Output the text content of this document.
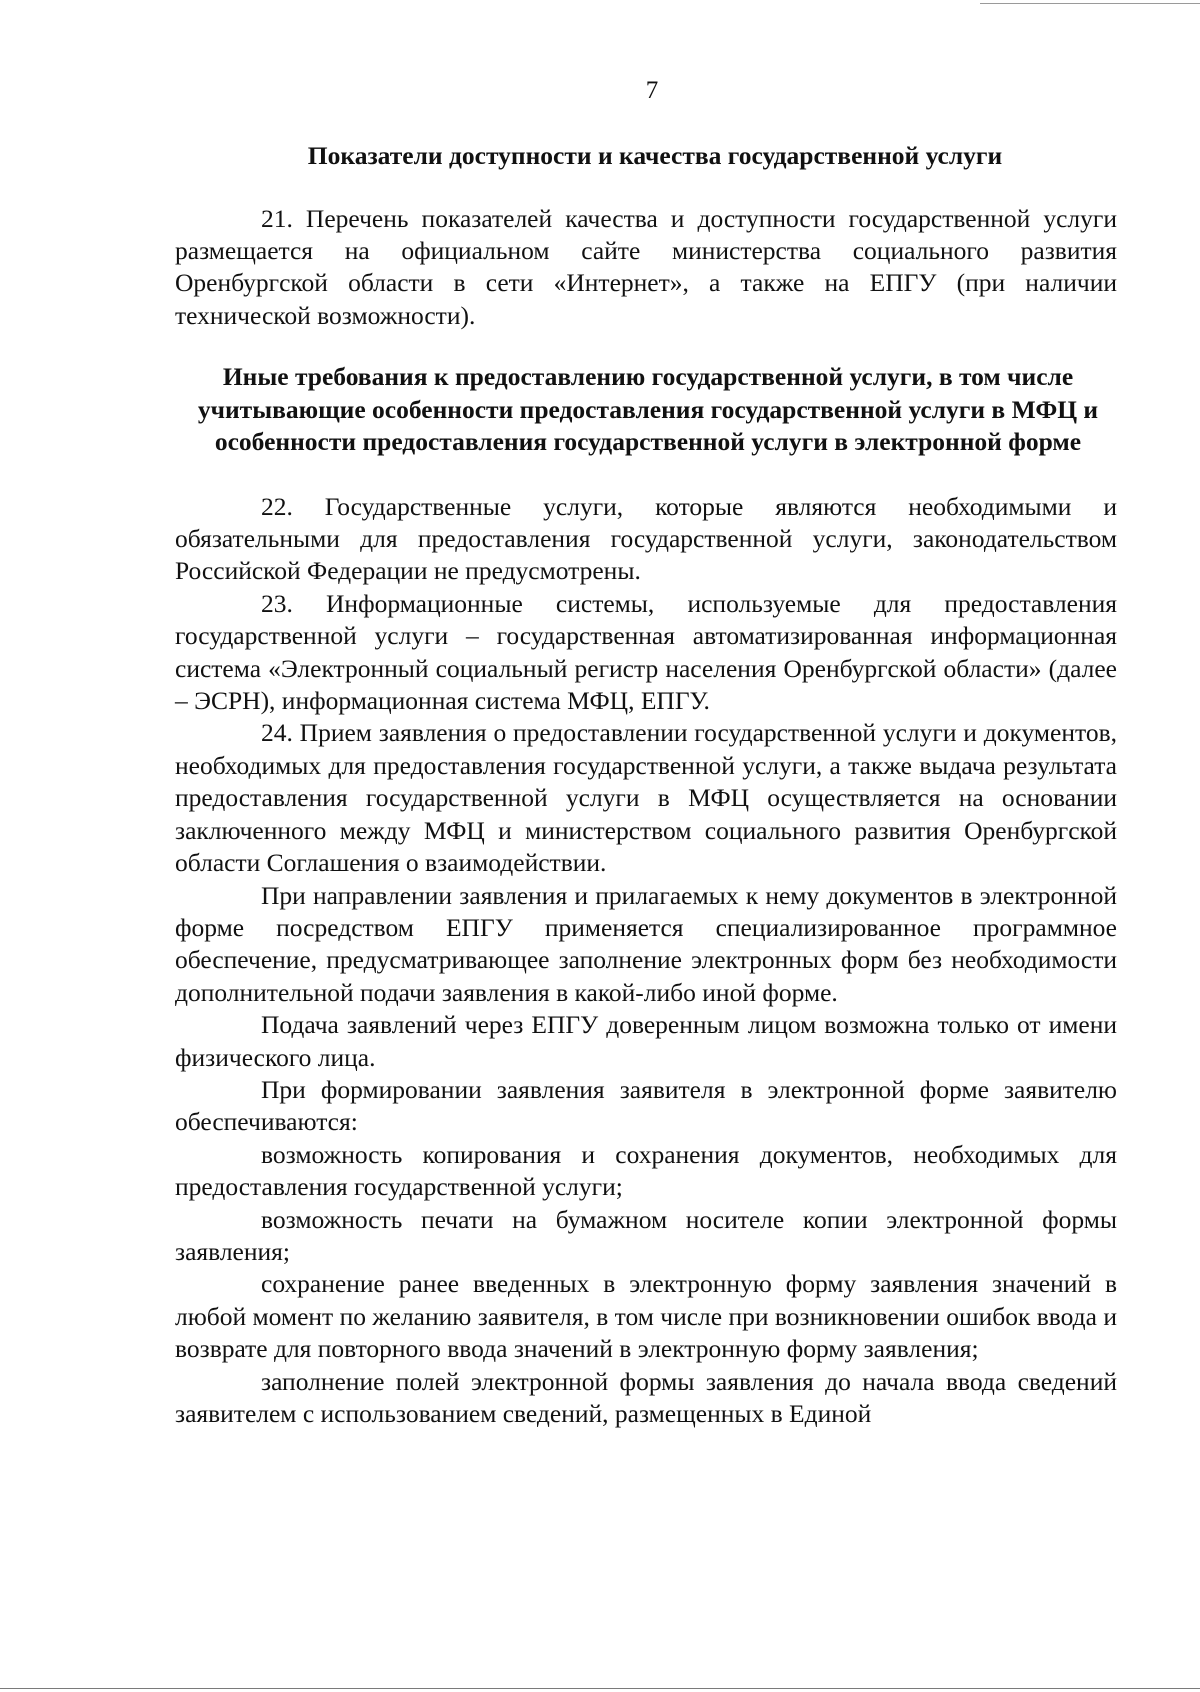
7
Показатели доступности и качества государственной услуги

21. Перечень показателей качества и доступности государственной услуги размещается на официальном сайте министерства социального развития Оренбургской области в сети «Интернет», а также на ЕПГУ (при наличии технической возможности).

Иные требования к предоставлению государственной услуги, в том числе учитывающие особенности предоставления государственной услуги в МФЦ и особенности предоставления государственной услуги в электронной форме

22. Государственные услуги, которые являются необходимыми и обязательными для предоставления государственной услуги, законодательством Российской Федерации не предусмотрены.

23. Информационные системы, используемые для предоставления государственной услуги – государственная автоматизированная информационная система «Электронный социальный регистр населения Оренбургской области» (далее – ЭСРН), информационная система МФЦ, ЕПГУ.

24. Прием заявления о предоставлении государственной услуги и документов, необходимых для предоставления государственной услуги, а также выдача результата предоставления государственной услуги в МФЦ осуществляется на основании заключенного между МФЦ и министерством социального развития Оренбургской области Соглашения о взаимодействии.

При направлении заявления и прилагаемых к нему документов в электронной форме посредством ЕПГУ применяется специализированное программное обеспечение, предусматривающее заполнение электронных форм без необходимости дополнительной подачи заявления в какой-либо иной форме.

Подача заявлений через ЕПГУ доверенным лицом возможна только от имени физического лица.

При формировании заявления заявителя в электронной форме заявителю обеспечиваются:

возможность копирования и сохранения документов, необходимых для предоставления государственной услуги;

возможность печати на бумажном носителе копии электронной формы заявления;

сохранение ранее введенных в электронную форму заявления значений в любой момент по желанию заявителя, в том числе при возникновении ошибок ввода и возврате для повторного ввода значений в электронную форму заявления;

заполнение полей электронной формы заявления до начала ввода сведений заявителем с использованием сведений, размещенных в Единой
